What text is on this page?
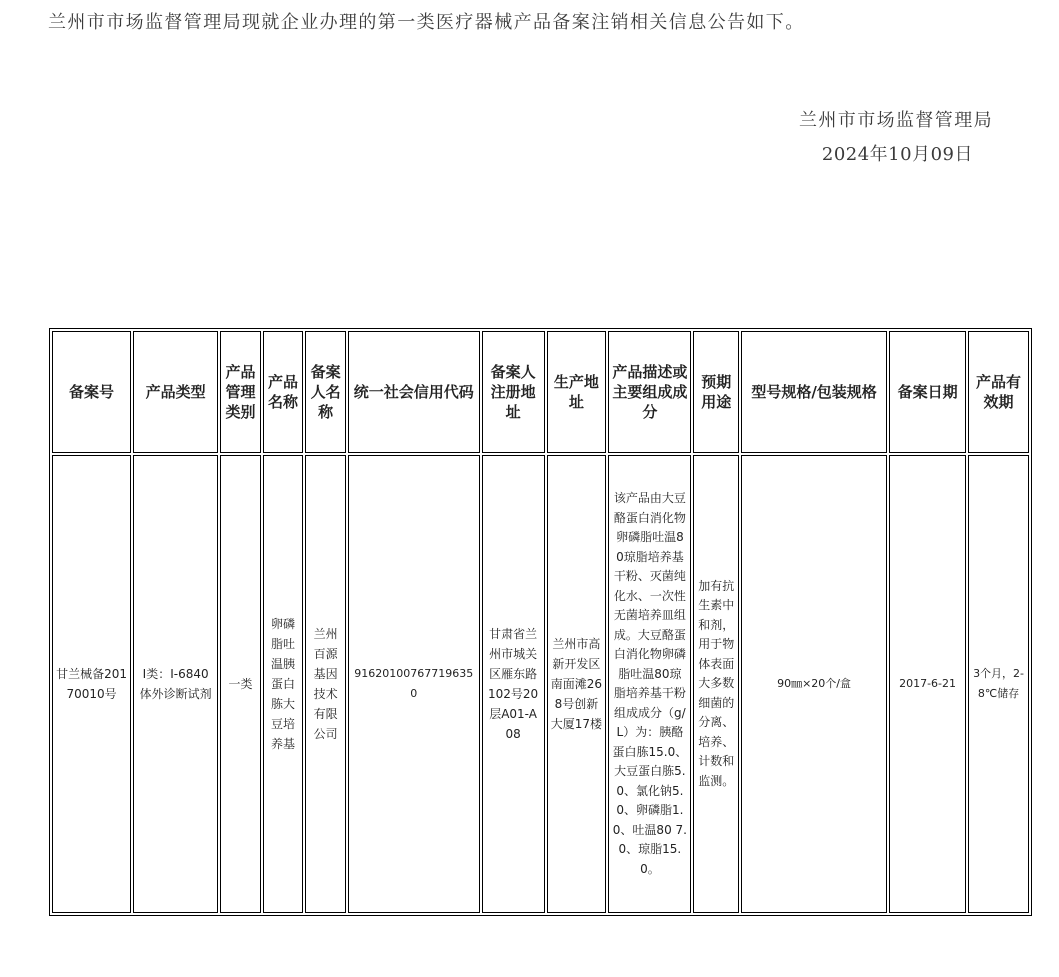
兰州市市场监督管理局现就企业办理的第一类医疗器械产品备案注销相关信息公告如下。
兰州市市场监督管理局
2024年10月09日
备案号	产品类型	产品管理类别	产品名称	备案人名称	统一社会信用代码	备案人注册地址	生产地址	产品描述或主要组成成分	预期用途	型号规格/包装规格	备案日期	产品有效期
甘兰械备20170010号	I类：I-6840体外诊断试剂	一类	卵磷脂吐温胰蛋白胨大豆培养基	兰州百源基因技术有限公司	916201007677196350	甘肃省兰州市城关区雁东路102号20层A01-A08	兰州市高新开发区南面滩268号创新大厦17楼	该产品由大豆酪蛋白消化物卵磷脂吐温80琼脂培养基干粉、灭菌纯化水、一次性无菌培养皿组成。大豆酪蛋白消化物卵磷脂吐温80琼脂培养基干粉组成成分（g/L）为：胰酪蛋白胨15.0、大豆蛋白胨5.0、氯化钠5.0、卵磷脂1.0、吐温80 7.0、琼脂15.0。	加有抗生素中和剂，用于物体表面大多数细菌的分离、培养、计数和监测。	90㎜×20个/盒	2017-6-21	3个月，2-8℃储存
